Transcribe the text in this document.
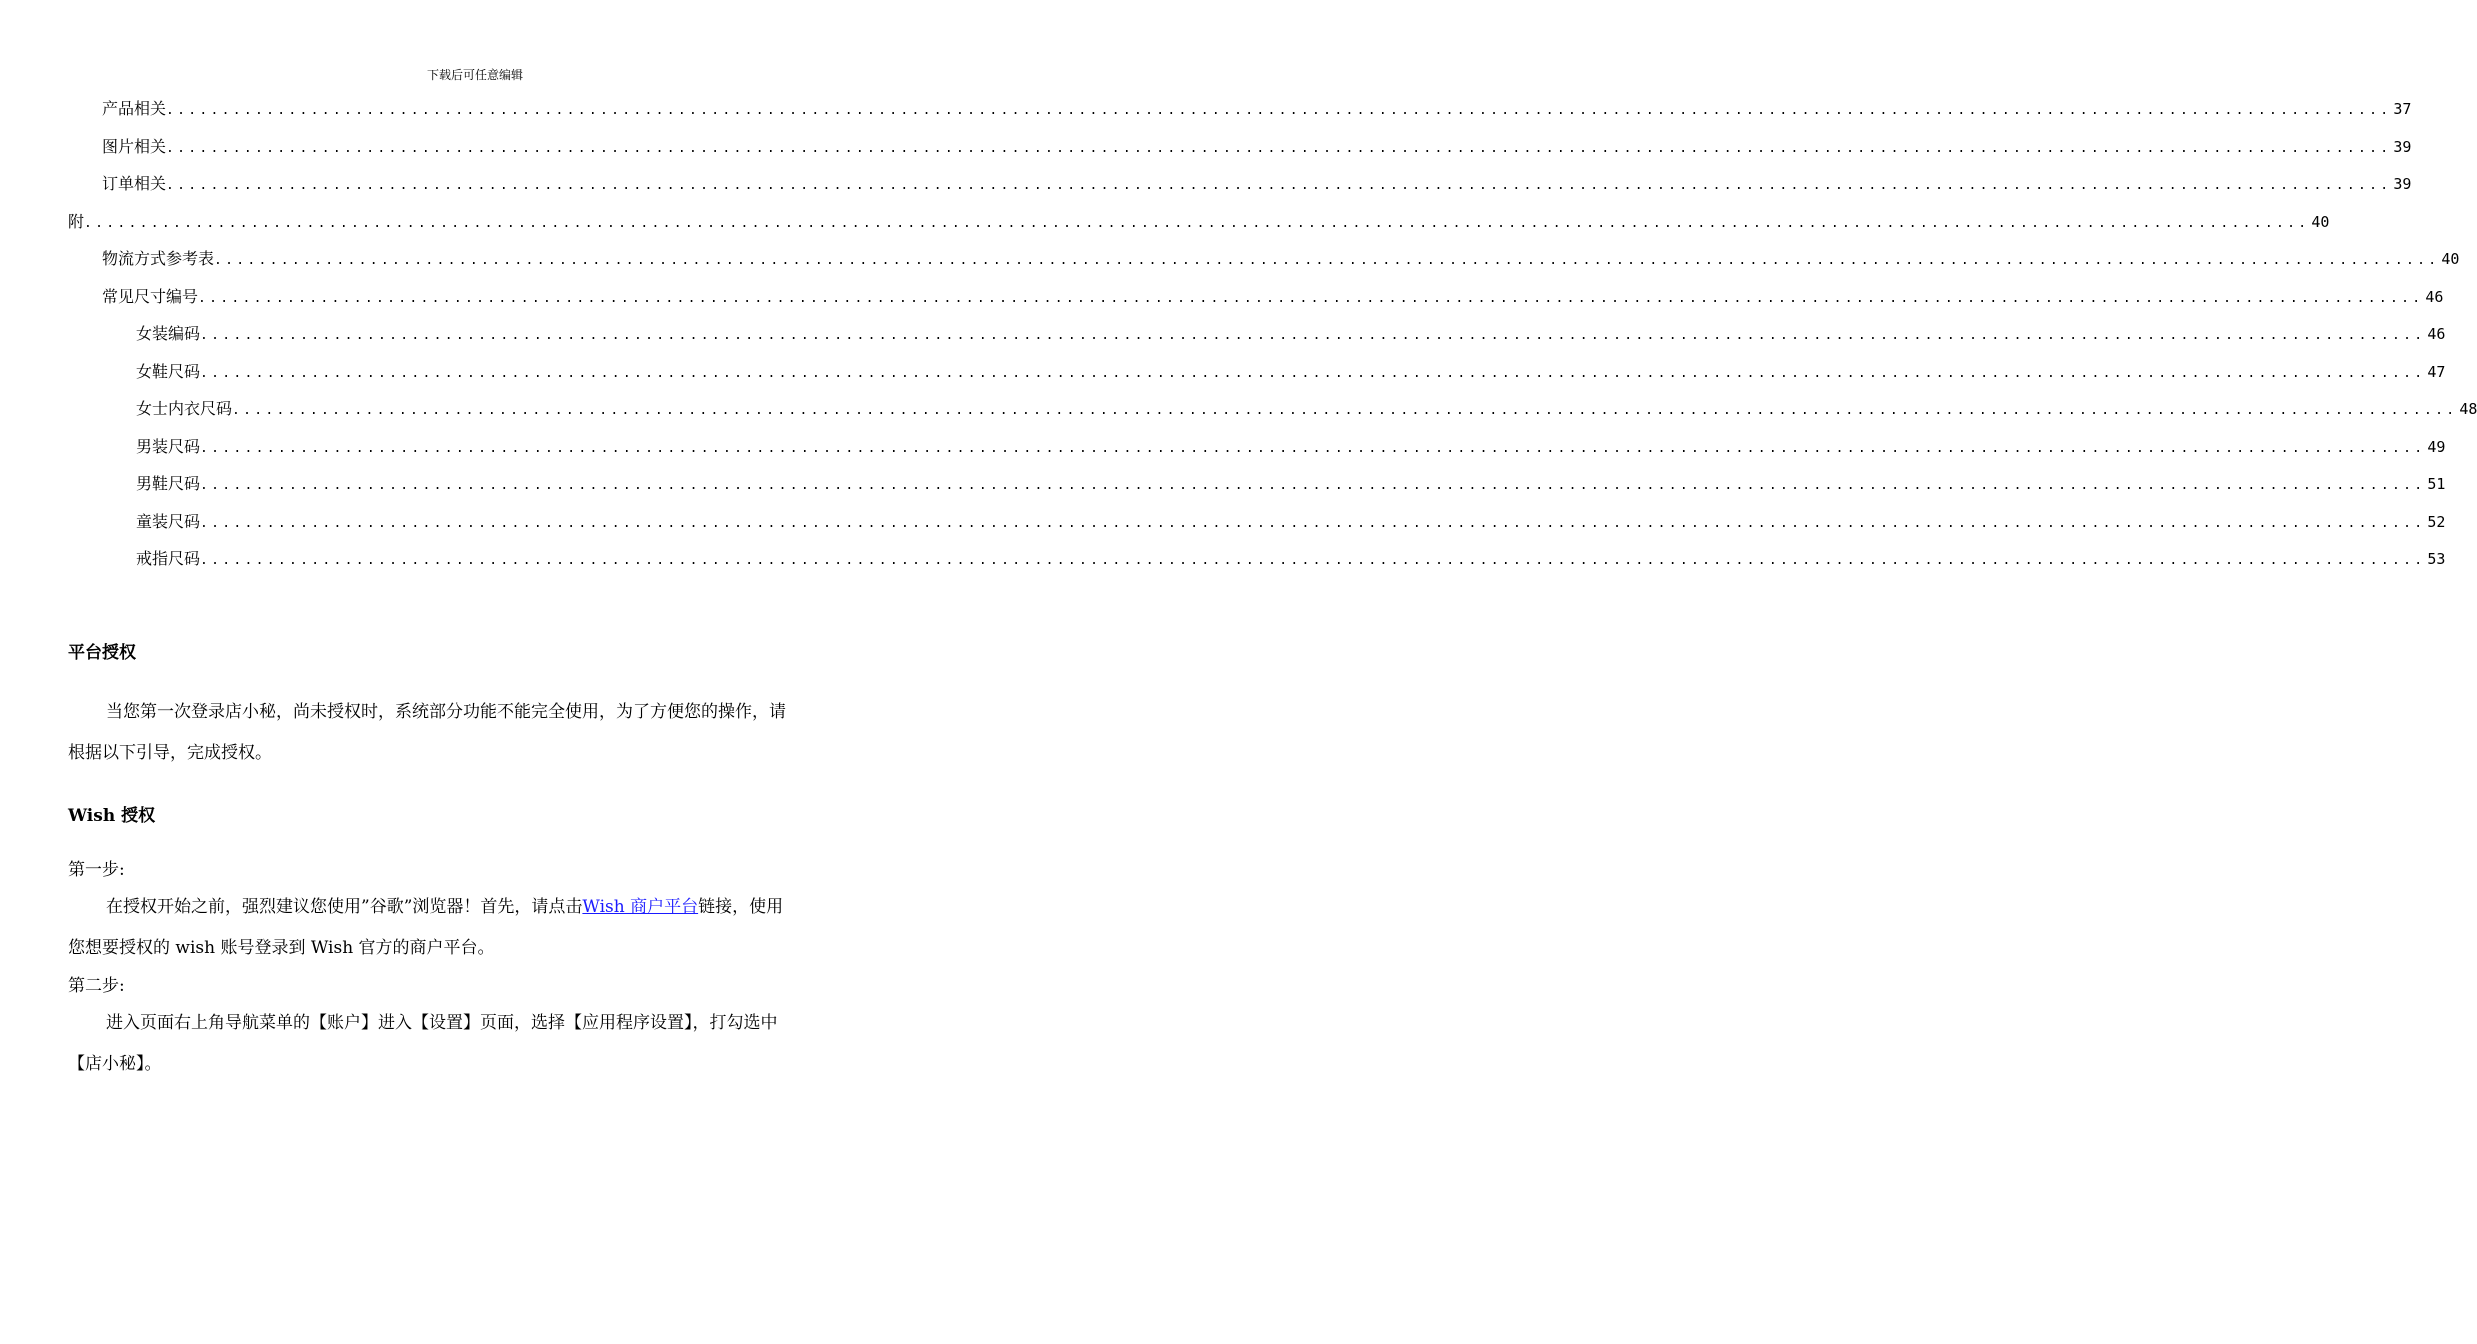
下载后可任意编辑
产品相关 ........................................................................................................................................................................................................ 37
图片相关 ........................................................................................................................................................................................................ 39
订单相关 ........................................................................................................................................................................................................ 39
附 ........................................................................................................................................................................................................ 40
物流方式参考表 ........................................................................................................................................................................................................ 40
常见尺寸编号 ........................................................................................................................................................................................................ 46
女装编码 ........................................................................................................................................................................................................ 46
女鞋尺码 ........................................................................................................................................................................................................ 47
女士内衣尺码 ........................................................................................................................................................................................................ 48
男装尺码 ........................................................................................................................................................................................................ 49
男鞋尺码 ........................................................................................................................................................................................................ 51
童装尺码 ........................................................................................................................................................................................................ 52
戒指尺码 ........................................................................................................................................................................................................ 53
平台授权
当您第一次登录店小秘，尚未授权时，系统部分功能不能完全使用，为了方便您的操作，请
根据以下引导，完成授权。
Wish 授权
第一步:
在授权开始之前，强烈建议您使用”谷歌”浏览器！首先，请点击Wish 商户平台链接，使用
您想要授权的 wish 账号登录到 Wish 官方的商户平台。
第二步:
进入页面右上角导航菜单的【账户】进入【设置】页面，选择【应用程序设置】，打勾选中
【店小秘】。
